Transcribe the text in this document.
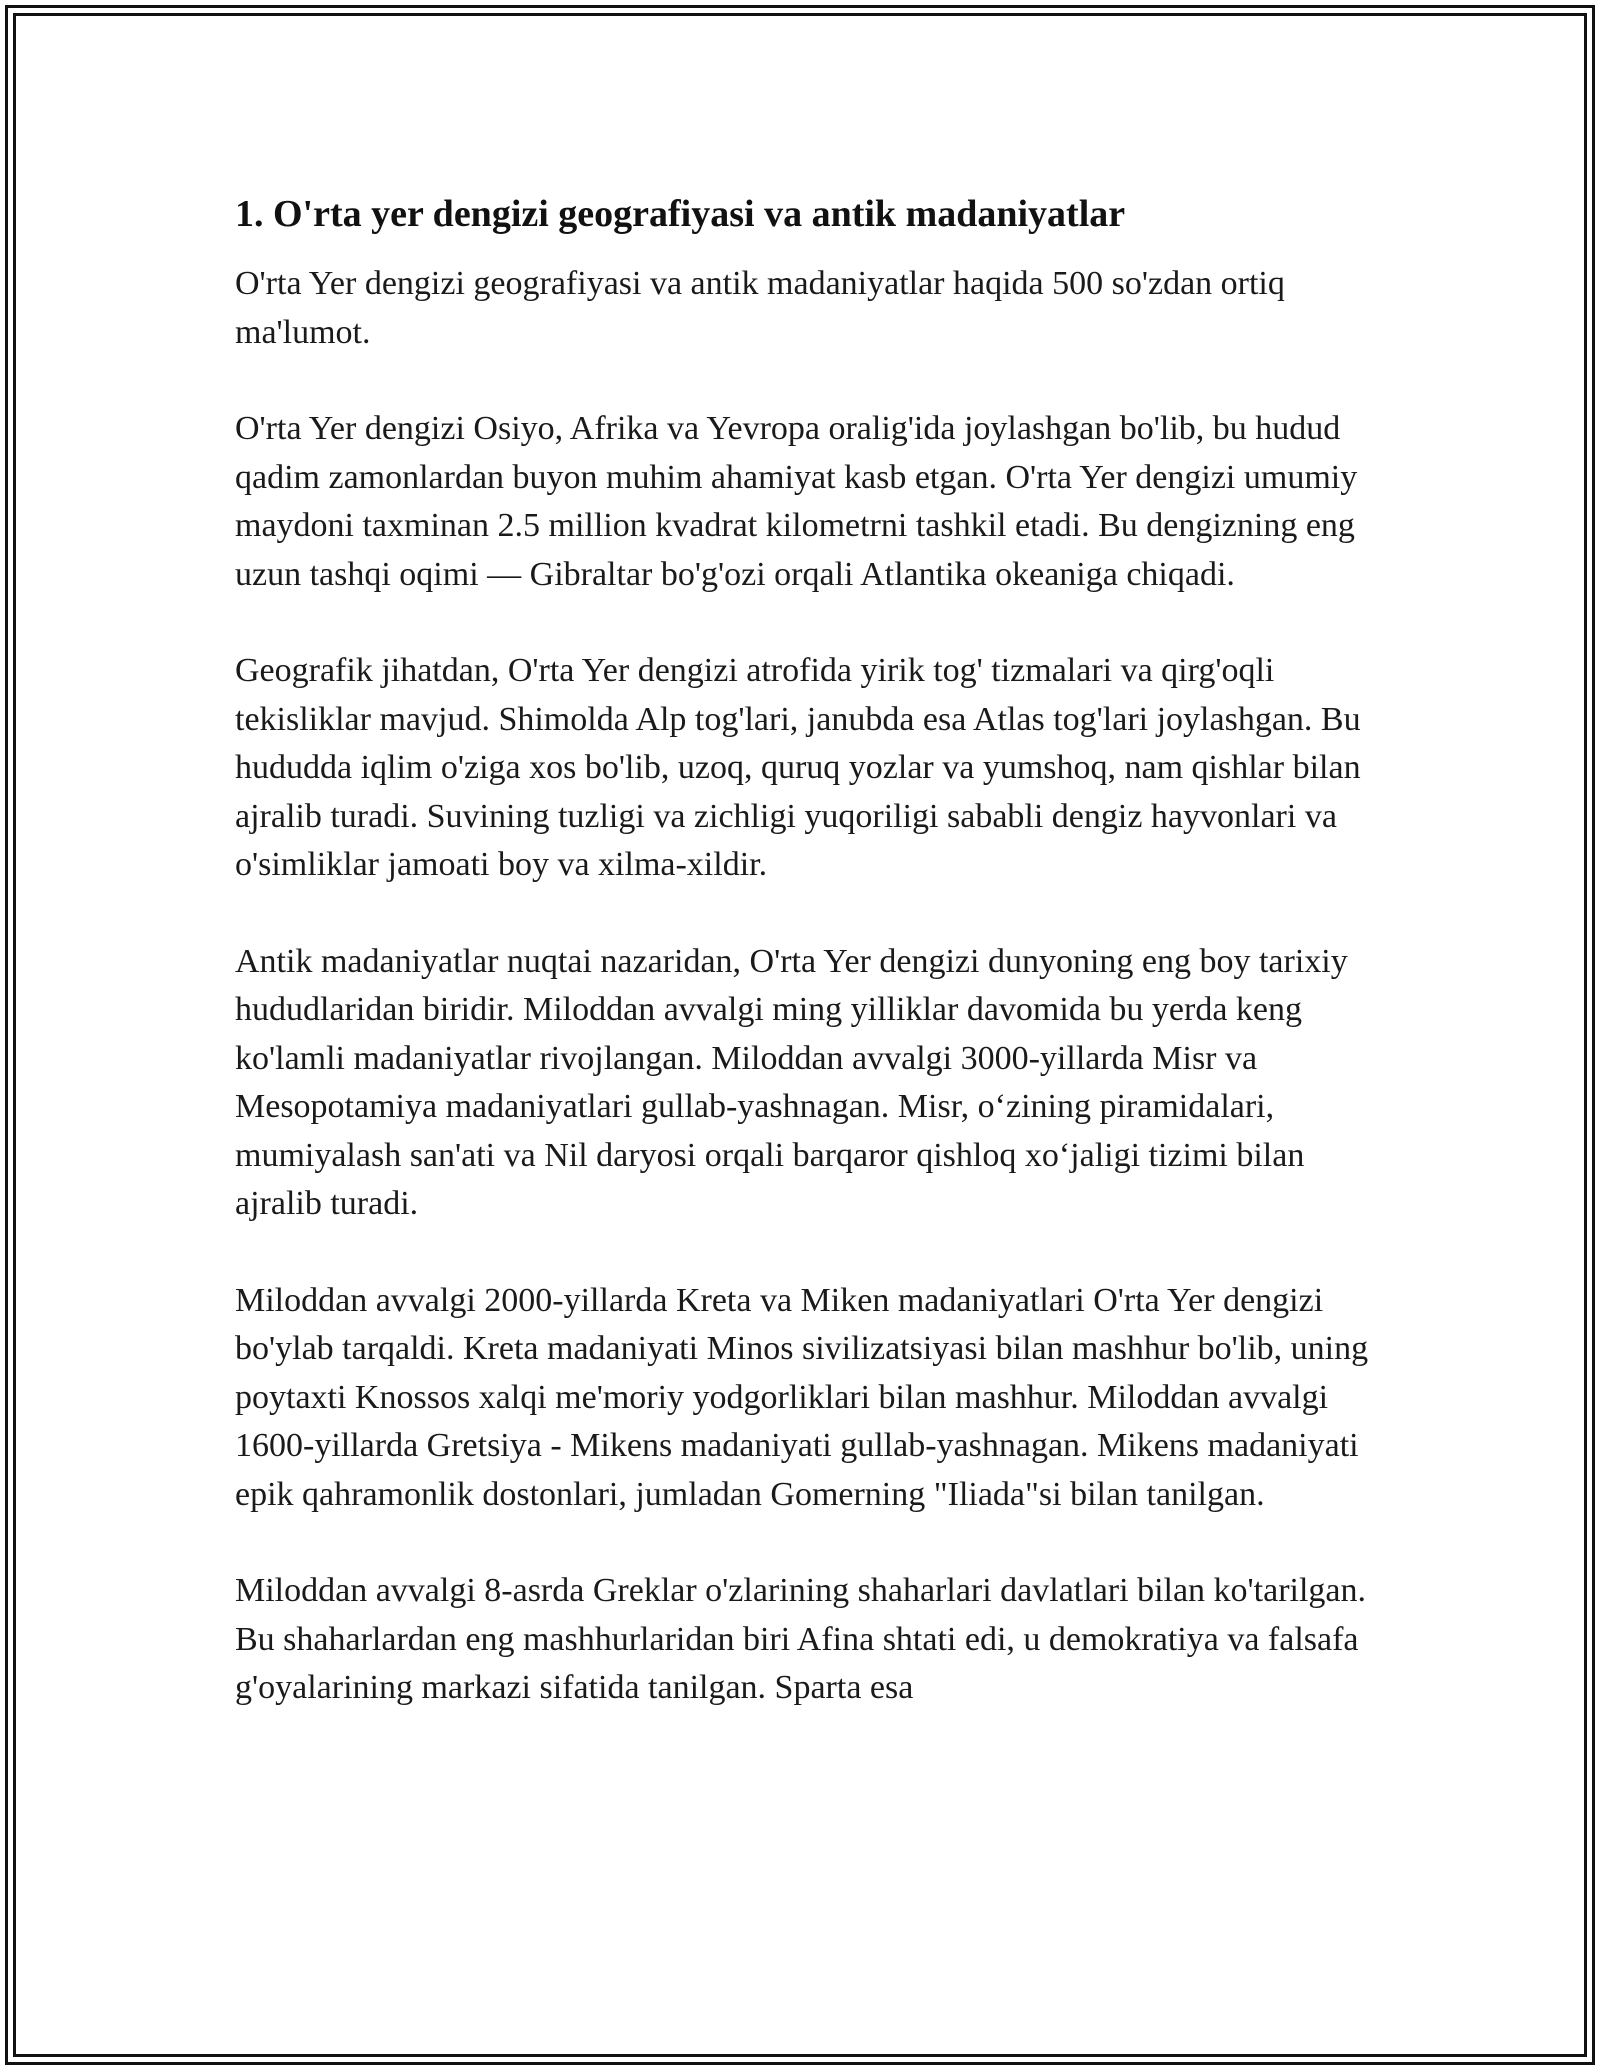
1. O'rta yer dengizi geografiyasi va antik madaniyatlar

O'rta Yer dengizi geografiyasi va antik madaniyatlar haqida 500 so'zdan ortiq ma'lumot.

O'rta Yer dengizi Osiyo, Afrika va Yevropa oralig'ida joylashgan bo'lib, bu hudud qadim zamonlardan buyon muhim ahamiyat kasb etgan. O'rta Yer dengizi umumiy maydoni taxminan 2.5 million kvadrat kilometrni tashkil etadi. Bu dengizning eng uzun tashqi oqimi — Gibraltar bo'g'ozi orqali Atlantika okeaniga chiqadi.

Geografik jihatdan, O'rta Yer dengizi atrofida yirik tog' tizmalari va qirg'oqli tekisliklar mavjud. Shimolda Alp tog'lari, janubda esa Atlas tog'lari joylashgan. Bu hududda iqlim o'ziga xos bo'lib, uzoq, quruq yozlar va yumshoq, nam qishlar bilan ajralib turadi. Suvining tuzligi va zichligi yuqoriligi sababli dengiz hayvonlari va o'simliklar jamoati boy va xilma-xildir.

Antik madaniyatlar nuqtai nazaridan, O'rta Yer dengizi dunyoning eng boy tarixiy hududlaridan biridir. Miloddan avvalgi ming yilliklar davomida bu yerda keng ko'lamli madaniyatlar rivojlangan. Miloddan avvalgi 3000-yillarda Misr va Mesopotamiya madaniyatlari gullab-yashnagan. Misr, o‘zining piramidalari, mumiyalash san'ati va Nil daryosi orqali barqaror qishloq xo‘jaligi tizimi bilan ajralib turadi.

Miloddan avvalgi 2000-yillarda Kreta va Miken madaniyatlari O'rta Yer dengizi bo'ylab tarqaldi. Kreta madaniyati Minos sivilizatsiyasi bilan mashhur bo'lib, uning poytaxti Knossos xalqi me'moriy yodgorliklari bilan mashhur. Miloddan avvalgi 1600-yillarda Gretsiya - Mikens madaniyati gullab-yashnagan. Mikens madaniyati epik qahramonlik dostonlari, jumladan Gomerning "Iliada"si bilan tanilgan.

Miloddan avvalgi 8-asrda Greklar o'zlarining shaharlari davlatlari bilan ko'tarilgan. Bu shaharlardan eng mashhurlaridan biri Afina shtati edi, u demokratiya va falsafa g'oyalarining markazi sifatida tanilgan. Sparta esa
